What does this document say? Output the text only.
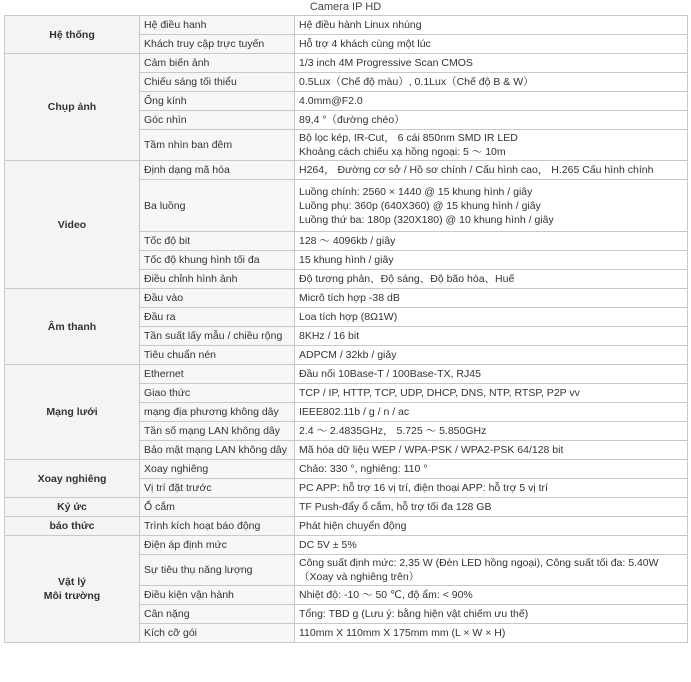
Camera IP HD
Hệ thống	Hệ điều hanh	Hệ điều hành Linux nhúng
	Khách truy cập trực tuyến	Hỗ trợ 4 khách cùng một lúc
Chụp ảnh	Cảm biến ảnh	1/3 inch 4M Progressive Scan CMOS
	Chiếu sáng tối thiểu	0.5Lux（Chế độ màu）, 0.1Lux（Chế độ B & W）
	Ống kính	4.0mm@F2.0
	Góc nhìn	89,4 °（đường chéo）
	Tầm nhìn ban đêm	Bộ lọc kép, IR-Cut， 6 cái 850nm SMD IR LED
Khoảng cách chiếu xạ hồng ngoại: 5 ～ 10m
Video	Định dạng mã hóa	H264， Đường cơ sở / Hồ sơ chính / Cấu hình cao， H.265 Cấu hình chính
	Ba luồng	Luồng chính: 2560 × 1440 @ 15 khung hình / giây
Luồng phụ: 360p (640X360) @ 15 khung hình / giây
Luồng thứ ba: 180p (320X180) @ 10 khung hình / giây
	Tốc độ bit	128 ～ 4096kb / giây
	Tốc độ khung hình tối đa	15 khung hình / giây
	Điều chỉnh hình ảnh	Độ tương phản、Độ sáng、Độ bão hòa、Huế
Âm thanh	Đầu vào	Micrô tích hợp -38 dB
	Đầu ra	Loa tích hợp (8Ω1W)
	Tần suất lấy mẫu / chiều rộng	8KHz / 16 bit
	Tiêu chuẩn nén	ADPCM / 32kb / giây
Mạng lưới	Ethernet	Đầu nối 10Base-T / 100Base-TX, RJ45
	Giao thức	TCP / IP, HTTP, TCP, UDP, DHCP, DNS, NTP, RTSP, P2P vv
	mạng địa phương không dây	IEEE802.11b / g / n / ac
	Tần số mạng LAN không dây	2.4 ～ 2.4835GHz， 5.725 ～ 5.850GHz
	Bảo mật mạng LAN không dây	Mã hóa dữ liệu WEP / WPA-PSK / WPA2-PSK 64/128 bit
Xoay nghiêng	Xoay nghiêng	Chảo: 330 °, nghiêng: 110 °
	Vị trí đặt trước	PC APP: hỗ trợ 16 vị trí, điện thoại APP: hỗ trợ 5 vị trí
Ký ức	Ổ cắm	TF Push-đẩy ổ cắm, hỗ trợ tối đa 128 GB
báo thức	Trình kích hoạt báo động	Phát hiện chuyển động
Vật lý
Môi trường	Điện áp định mức	DC 5V ± 5%
	Sự tiêu thụ năng lượng	Công suất định mức: 2,35 W (Đèn LED hồng ngoại), Công suất tối đa: 5.40W
（Xoay và nghiêng trên）
	Điều kiện vận hành	Nhiệt độ: -10 ～ 50 ℃, độ ẩm: < 90%
	Cân nặng	Tổng: TBD g (Lưu ý: bằng hiện vật chiếm ưu thế)
	Kích cỡ gói	110mm X 110mm X 175mm mm (L × W × H)
